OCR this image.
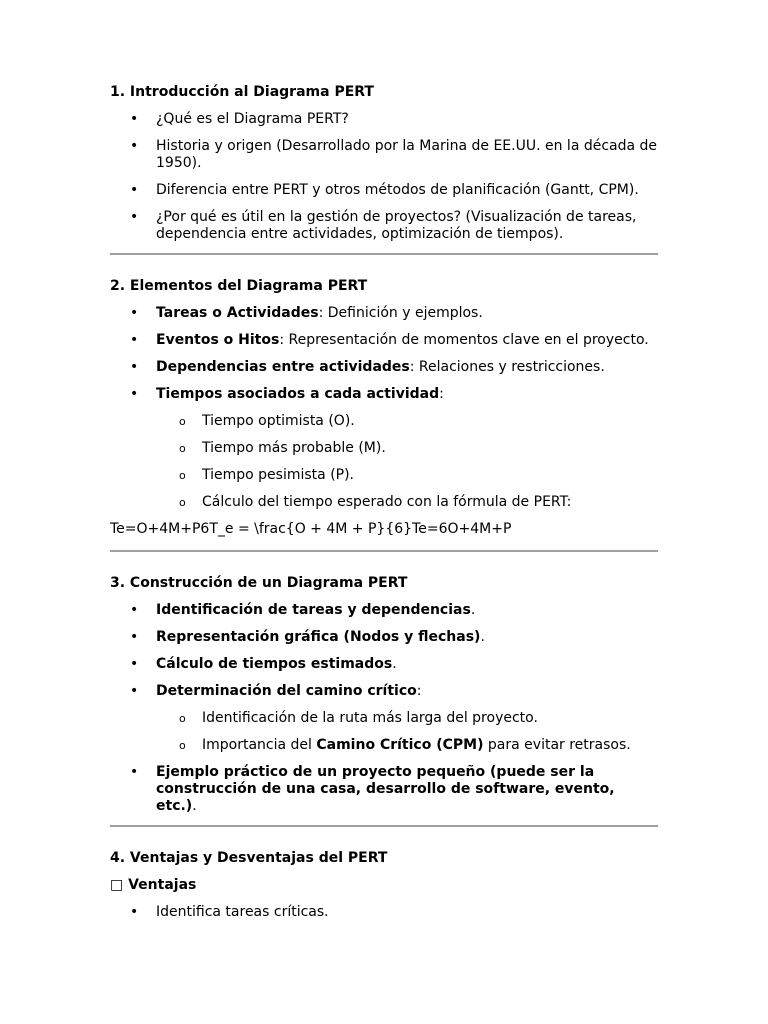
1. Introducción al Diagrama PERT
• ¿Qué es el Diagrama PERT?
• Historia y origen (Desarrollado por la Marina de EE.UU. en la década de 1950).
• Diferencia entre PERT y otros métodos de planificación (Gantt, CPM).
• ¿Por qué es útil en la gestión de proyectos? (Visualización de tareas, dependencia entre actividades, optimización de tiempos).
2. Elementos del Diagrama PERT
• Tareas o Actividades: Definición y ejemplos.
• Eventos o Hitos: Representación de momentos clave en el proyecto.
• Dependencias entre actividades: Relaciones y restricciones.
• Tiempos asociados a cada actividad:
o Tiempo optimista (O).
o Tiempo más probable (M).
o Tiempo pesimista (P).
o Cálculo del tiempo esperado con la fórmula de PERT:

Te=O+4M+P6T_e = \frac{O + 4M + P}{6}Te=6O+4M+P

3. Construcción de un Diagrama PERT
• Identificación de tareas y dependencias.
• Representación gráfica (Nodos y flechas).
• Cálculo de tiempos estimados.
• Determinación del camino crítico:
o Identificación de la ruta más larga del proyecto.
o Importancia del Camino Crítico (CPM) para evitar retrasos.
• Ejemplo práctico de un proyecto pequeño (puede ser la construcción de una casa, desarrollo de software, evento, etc.).
4. Ventajas y Desventajas del PERT
□ Ventajas
• Identifica tareas críticas.
